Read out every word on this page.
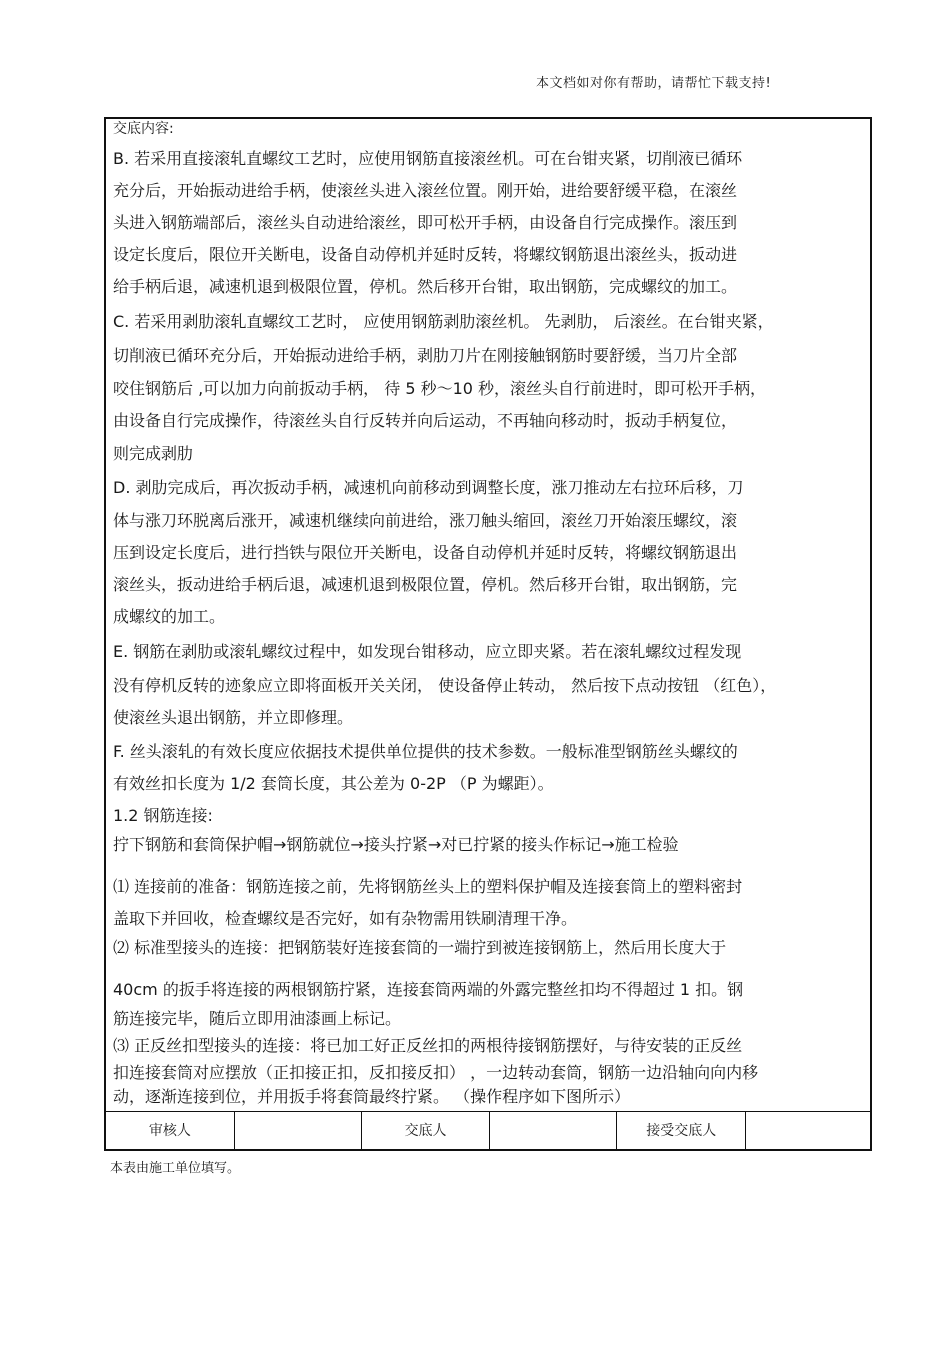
本文档如对你有帮助，请帮忙下载支持!
交底内容:
B. 若采用直接滚轧直螺纹工艺时，应使用钢筋直接滚丝机。可在台钳夹紧，切削液已循环
充分后，开始振动进给手柄，使滚丝头进入滚丝位置。刚开始，进给要舒缓平稳，在滚丝
头进入钢筋端部后，滚丝头自动进给滚丝，即可松开手柄，由设备自行完成操作。滚压到
设定长度后，限位开关断电，设备自动停机并延时反转，将螺纹钢筋退出滚丝头，扳动进
给手柄后退，减速机退到极限位置，停机。然后移开台钳，取出钢筋，完成螺纹的加工。
C. 若采用剥肋滚轧直螺纹工艺时， 应使用钢筋剥肋滚丝机。 先剥肋， 后滚丝。在台钳夹紧，
切削液已循环充分后，开始振动进给手柄，剥肋刀片在刚接触钢筋时要舒缓，当刀片全部
咬住钢筋后 ,可以加力向前扳动手柄， 待 5 秒～10 秒，滚丝头自行前进时，即可松开手柄，
由设备自行完成操作，待滚丝头自行反转并向后运动，不再轴向移动时，扳动手柄复位，
则完成剥肋
D. 剥肋完成后，再次扳动手柄，减速机向前移动到调整长度，涨刀推动左右拉环后移，刀
体与涨刀环脱离后涨开，减速机继续向前进给，涨刀触头缩回，滚丝刀开始滚压螺纹，滚
压到设定长度后，进行挡铁与限位开关断电，设备自动停机并延时反转，将螺纹钢筋退出
滚丝头，扳动进给手柄后退，减速机退到极限位置，停机。然后移开台钳，取出钢筋，完
成螺纹的加工。
E. 钢筋在剥肋或滚轧螺纹过程中，如发现台钳移动，应立即夹紧。若在滚轧螺纹过程发现
没有停机反转的迹象应立即将面板开关关闭， 使设备停止转动， 然后按下点动按钮 （红色），
使滚丝头退出钢筋，并立即修理。
F. 丝头滚轧的有效长度应依据技术提供单位提供的技术参数。一般标准型钢筋丝头螺纹的
有效丝扣长度为 1/2 套筒长度，其公差为 0-2P （P 为螺距）。
1.2 钢筋连接:
拧下钢筋和套筒保护帽→钢筋就位→接头拧紧→对已拧紧的接头作标记→施工检验
⑴ 连接前的准备：钢筋连接之前，先将钢筋丝头上的塑料保护帽及连接套筒上的塑料密封
盖取下并回收，检查螺纹是否完好，如有杂物需用铁刷清理干净。
⑵ 标准型接头的连接：把钢筋装好连接套筒的一端拧到被连接钢筋上，然后用长度大于
40cm 的扳手将连接的两根钢筋拧紧，连接套筒两端的外露完整丝扣均不得超过 1 扣。钢
筋连接完毕，随后立即用油漆画上标记。
⑶ 正反丝扣型接头的连接：将已加工好正反丝扣的两根待接钢筋摆好，与待安装的正反丝
扣连接套筒对应摆放（正扣接正扣，反扣接反扣） ，一边转动套筒，钢筋一边沿轴向向内移
动，逐渐连接到位，并用扳手将套筒最终拧紧。 （操作程序如下图所示）
审核人	交底人	接受交底人
本表由施工单位填写。
